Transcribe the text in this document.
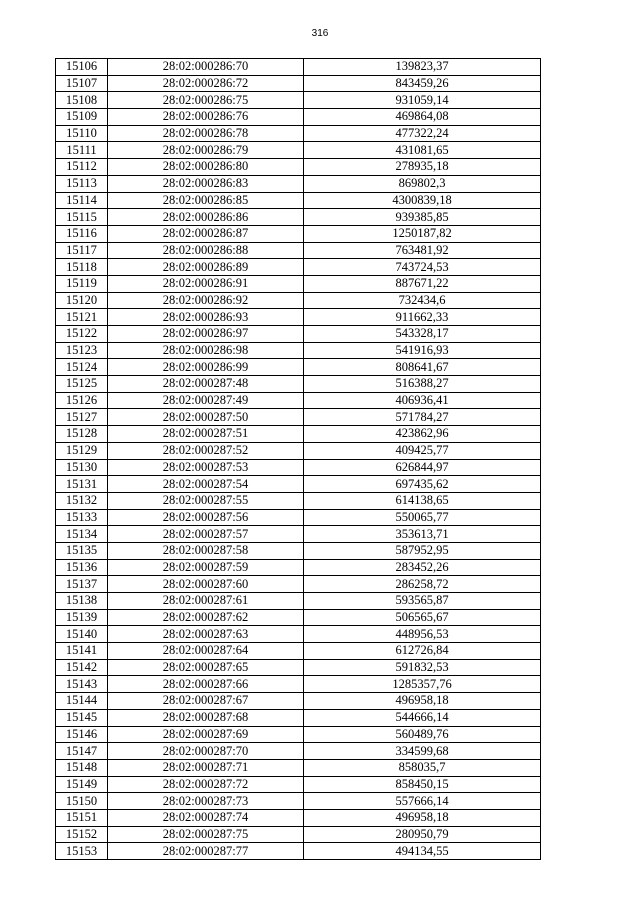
316
15106	28:02:000286:70	139823,37
15107	28:02:000286:72	843459,26
15108	28:02:000286:75	931059,14
15109	28:02:000286:76	469864,08
15110	28:02:000286:78	477322,24
15111	28:02:000286:79	431081,65
15112	28:02:000286:80	278935,18
15113	28:02:000286:83	869802,3
15114	28:02:000286:85	4300839,18
15115	28:02:000286:86	939385,85
15116	28:02:000286:87	1250187,82
15117	28:02:000286:88	763481,92
15118	28:02:000286:89	743724,53
15119	28:02:000286:91	887671,22
15120	28:02:000286:92	732434,6
15121	28:02:000286:93	911662,33
15122	28:02:000286:97	543328,17
15123	28:02:000286:98	541916,93
15124	28:02:000286:99	808641,67
15125	28:02:000287:48	516388,27
15126	28:02:000287:49	406936,41
15127	28:02:000287:50	571784,27
15128	28:02:000287:51	423862,96
15129	28:02:000287:52	409425,77
15130	28:02:000287:53	626844,97
15131	28:02:000287:54	697435,62
15132	28:02:000287:55	614138,65
15133	28:02:000287:56	550065,77
15134	28:02:000287:57	353613,71
15135	28:02:000287:58	587952,95
15136	28:02:000287:59	283452,26
15137	28:02:000287:60	286258,72
15138	28:02:000287:61	593565,87
15139	28:02:000287:62	506565,67
15140	28:02:000287:63	448956,53
15141	28:02:000287:64	612726,84
15142	28:02:000287:65	591832,53
15143	28:02:000287:66	1285357,76
15144	28:02:000287:67	496958,18
15145	28:02:000287:68	544666,14
15146	28:02:000287:69	560489,76
15147	28:02:000287:70	334599,68
15148	28:02:000287:71	858035,7
15149	28:02:000287:72	858450,15
15150	28:02:000287:73	557666,14
15151	28:02:000287:74	496958,18
15152	28:02:000287:75	280950,79
15153	28:02:000287:77	494134,55
